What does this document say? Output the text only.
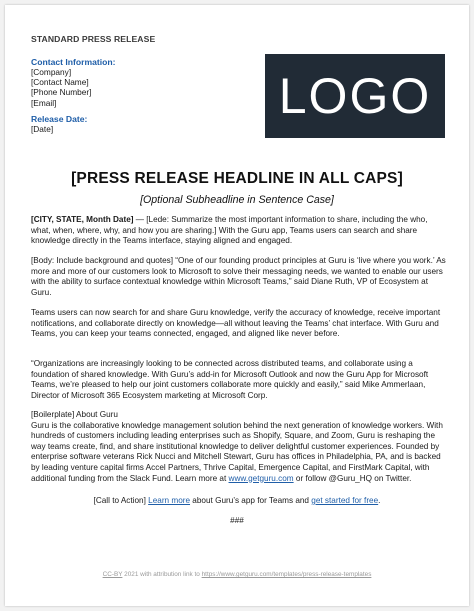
STANDARD PRESS RELEASE
Contact Information:
[Company]
[Contact Name]
[Phone Number]
[Email]
Release Date:
[Date]
LOGO
[PRESS RELEASE HEADLINE IN ALL CAPS]
[Optional Subheadline in Sentence Case]
[CITY, STATE, Month Date] — [Lede: Summarize the most important information to share, including the who, what, when, where, why, and how you are sharing.] With the Guru app, Teams users can search and share knowledge directly in the Teams interface, staying aligned and engaged.
[Body: Include background and quotes] “One of our founding product principles at Guru is ‘live where you work.’ As more and more of our customers look to Microsoft to solve their messaging needs, we wanted to enable our users with the ability to surface contextual knowledge within Microsoft Teams,” said Diane Ruth, VP of Ecosystem at Guru.
Teams users can now search for and share Guru knowledge, verify the accuracy of knowledge, receive important notifications, and collaborate directly on knowledge—all without leaving the Teams’ chat interface. With Guru and Teams, you can keep your teams connected, engaged, and aligned like never before.
“Organizations are increasingly looking to be connected across distributed teams, and collaborate using a foundation of shared knowledge. With Guru’s add-in for Microsoft Outlook and now the Guru App for Microsoft Teams, we’re pleased to help our joint customers collaborate more quickly and easily,” said Mike Ammerlaan, Director of Microsoft 365 Ecosystem marketing at Microsoft Corp.
[Boilerplate] About Guru
Guru is the collaborative knowledge management solution behind the next generation of knowledge workers. With hundreds of customers including leading enterprises such as Shopify, Square, and Zoom, Guru is reshaping the way teams create, find, and share institutional knowledge to deliver delightful customer experiences. Founded by enterprise software veterans Rick Nucci and Mitchell Stewart, Guru has offices in Philadelphia, PA, and is backed by leading venture capital firms Accel Partners, Thrive Capital, Emergence Capital, and FirstMark Capital, with additional funding from the Slack Fund. Learn more at www.getguru.com or follow @Guru_HQ on Twitter.
[Call to Action] Learn more about Guru’s app for Teams and get started for free.
###
CC-BY 2021 with attribution link to https://www.getguru.com/templates/press-release-templates
